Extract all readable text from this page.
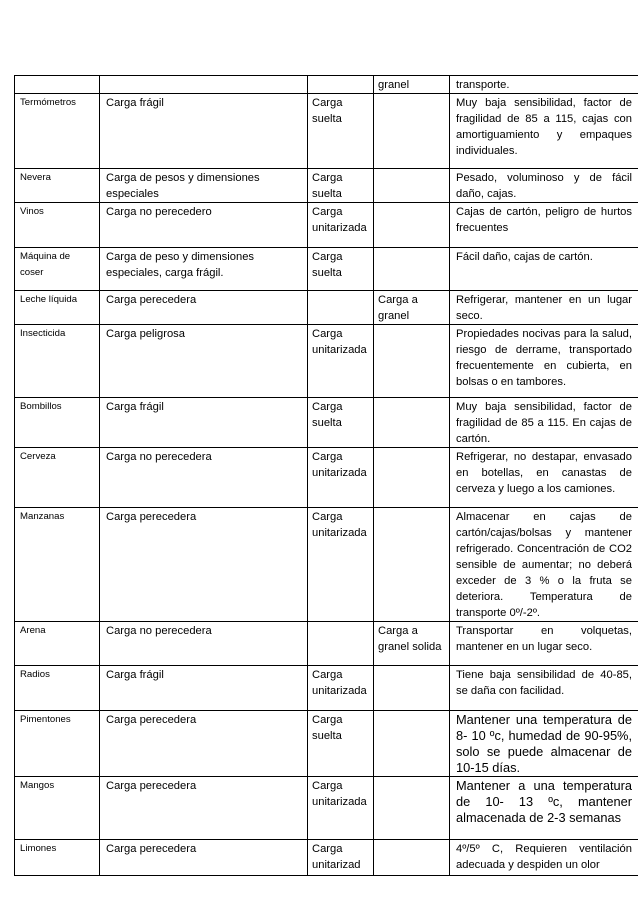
			granel	transporte.
Termómetros	Carga frágil	Carga suelta		Muy baja sensibilidad, factor de fragilidad de 85 a 115, cajas con amortiguamiento y empaques individuales.
Nevera	Carga de pesos y dimensiones especiales	Carga suelta		Pesado, voluminoso y de fácil daño, cajas.
Vinos	Carga no perecedero	Carga unitarizada		Cajas de cartón, peligro de hurtos frecuentes
Máquina de coser	Carga de peso y dimensiones especiales, carga frágil.	Carga suelta		Fácil daño, cajas de cartón.
Leche líquida	Carga perecedera		Carga a granel	Refrigerar, mantener en un lugar seco.
Insecticida	Carga peligrosa	Carga unitarizada		Propiedades nocivas para la salud, riesgo de derrame, transportado frecuentemente en cubierta, en bolsas o en tambores.
Bombillos	Carga frágil	Carga suelta		Muy baja sensibilidad, factor de fragilidad de 85 a 115. En cajas de cartón.
Cerveza	Carga no perecedera	Carga unitarizada		Refrigerar, no destapar, envasado en botellas, en canastas de cerveza y luego a los camiones.
Manzanas	Carga perecedera	Carga unitarizada		Almacenar en cajas de cartón/cajas/bolsas y mantener refrigerado. Concentración de CO2 sensible de aumentar; no deberá exceder de 3 % o la fruta se deteriora. Temperatura de transporte 0º/-2º.
Arena	Carga no perecedera		Carga a granel solida	Transportar en volquetas, mantener en un lugar seco.
Radios	Carga frágil	Carga unitarizada		Tiene baja sensibilidad de 40-85, se daña con facilidad.
Pimentones	Carga perecedera	Carga suelta		Mantener una temperatura de 8- 10 ºc, humedad de 90-95%, solo se puede almacenar de 10-15 días.
Mangos	Carga perecedera	Carga unitarizada		Mantener a una temperatura de 10- 13 ºc, mantener almacenada de 2-3 semanas
Limones	Carga perecedera	Carga unitarizad		4º/5º C, Requieren ventilación adecuada y despiden un olor
